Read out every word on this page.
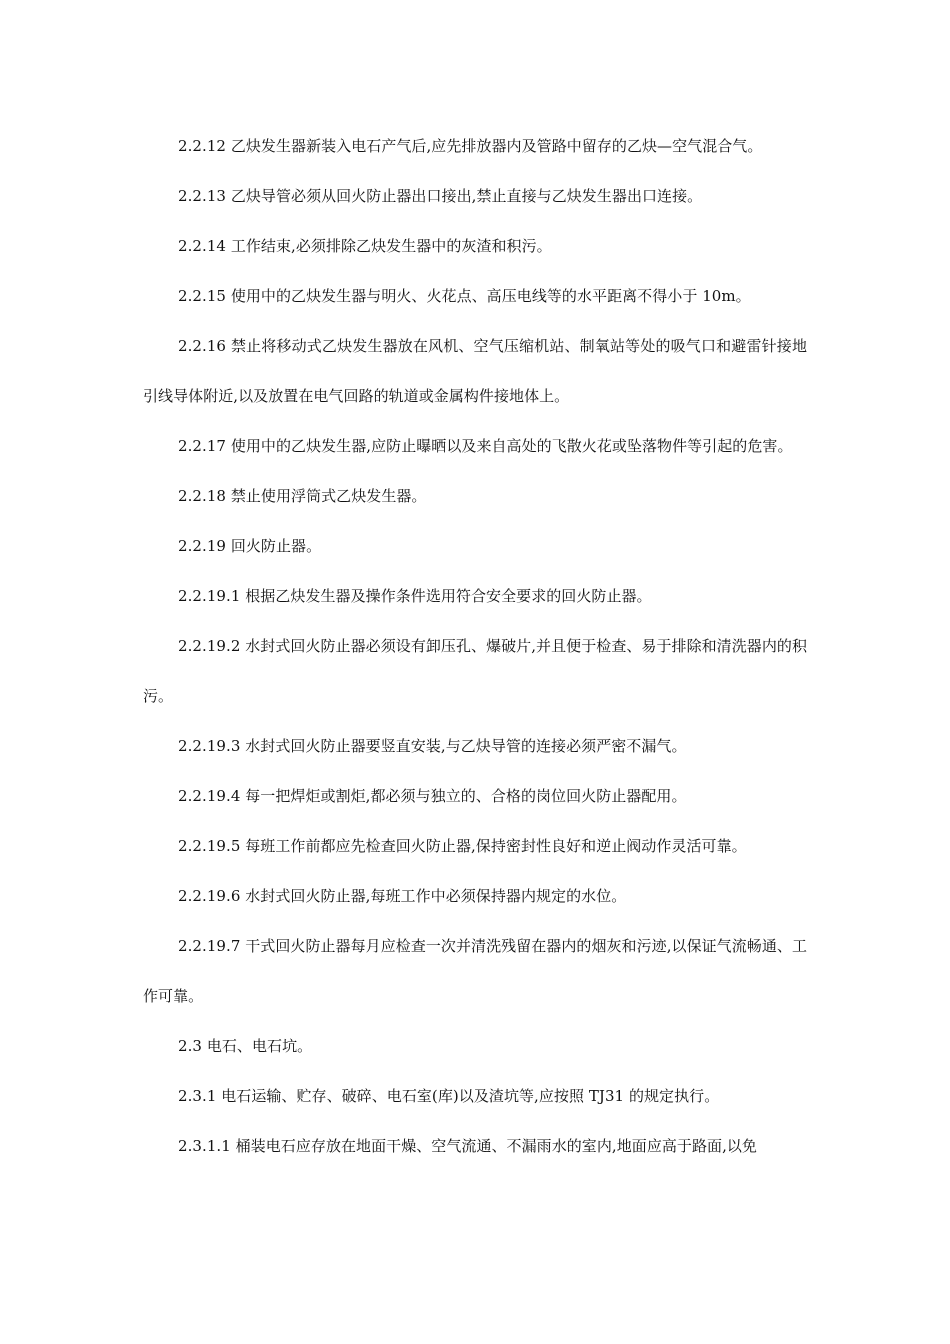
2.2.12 乙炔发生器新装入电石产气后,应先排放器内及管路中留存的乙炔—空气混合气。

2.2.13 乙炔导管必须从回火防止器出口接出,禁止直接与乙炔发生器出口连接。

2.2.14 工作结束,必须排除乙炔发生器中的灰渣和积污。

2.2.15 使用中的乙炔发生器与明火、火花点、高压电线等的水平距离不得小于 10m。

2.2.16 禁止将移动式乙炔发生器放在风机、空气压缩机站、制氧站等处的吸气口和避雷针接地引线导体附近,以及放置在电气回路的轨道或金属构件接地体上。

2.2.17 使用中的乙炔发生器,应防止曝晒以及来自高处的飞散火花或坠落物件等引起的危害。

2.2.18 禁止使用浮筒式乙炔发生器。

2.2.19 回火防止器。

2.2.19.1 根据乙炔发生器及操作条件选用符合安全要求的回火防止器。

2.2.19.2 水封式回火防止器必须设有卸压孔、爆破片,并且便于检查、易于排除和清洗器内的积污。

2.2.19.3 水封式回火防止器要竖直安装,与乙炔导管的连接必须严密不漏气。

2.2.19.4 每一把焊炬或割炬,都必须与独立的、合格的岗位回火防止器配用。

2.2.19.5 每班工作前都应先检查回火防止器,保持密封性良好和逆止阀动作灵活可靠。

2.2.19.6 水封式回火防止器,每班工作中必须保持器内规定的水位。

2.2.19.7 干式回火防止器每月应检查一次并清洗残留在器内的烟灰和污迹,以保证气流畅通、工作可靠。

2.3 电石、电石坑。

2.3.1 电石运输、贮存、破碎、电石室(库)以及渣坑等,应按照 TJ31 的规定执行。

2.3.1.1 桶装电石应存放在地面干燥、空气流通、不漏雨水的室内,地面应高于路面,以免
